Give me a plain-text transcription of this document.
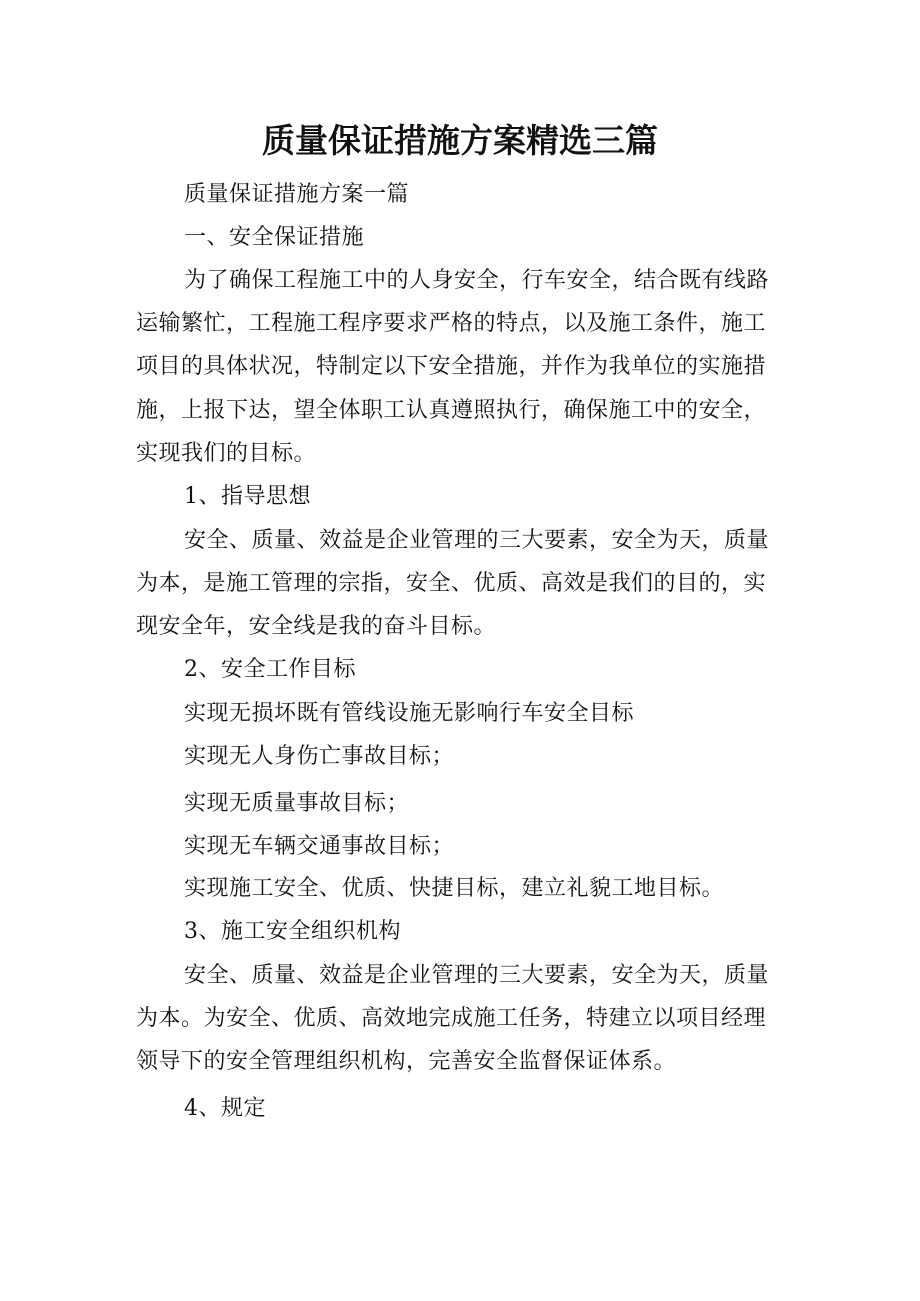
质量保证措施方案精选三篇
质量保证措施方案一篇
一、安全保证措施
为了确保工程施工中的人身安全，行车安全，结合既有线路
运输繁忙，工程施工程序要求严格的特点，以及施工条件，施工
项目的具体状况，特制定以下安全措施，并作为我单位的实施措
施，上报下达，望全体职工认真遵照执行，确保施工中的安全，
实现我们的目标。
1、指导思想
安全、质量、效益是企业管理的三大要素，安全为天，质量
为本，是施工管理的宗指，安全、优质、高效是我们的目的，实
现安全年，安全线是我的奋斗目标。
2、安全工作目标
实现无损坏既有管线设施无影响行车安全目标
实现无人身伤亡事故目标；
实现无质量事故目标；
实现无车辆交通事故目标；
实现施工安全、优质、快捷目标，建立礼貌工地目标。
3、施工安全组织机构
安全、质量、效益是企业管理的三大要素，安全为天，质量
为本。为安全、优质、高效地完成施工任务，特建立以项目经理
领导下的安全管理组织机构，完善安全监督保证体系。
4、规定
